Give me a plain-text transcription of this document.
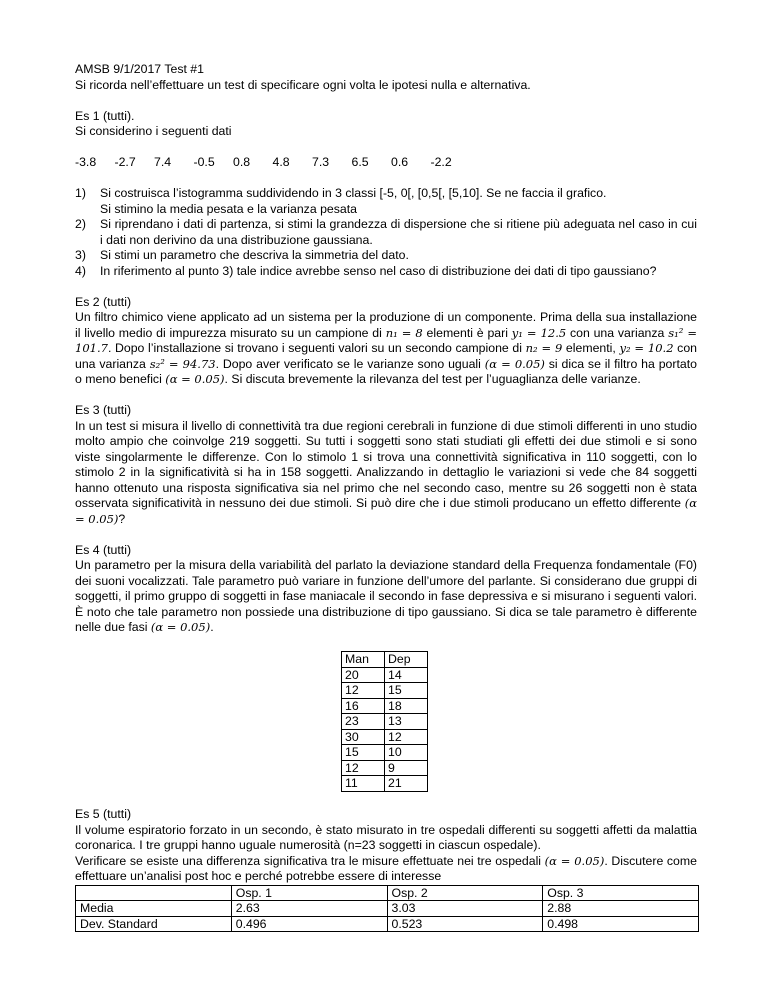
AMSB 9/1/2017 Test #1

Si ricorda nell’effettuare un test di specificare ogni volta le ipotesi nulla e alternativa.

Es 1 (tutti).

Si considerino i seguenti dati

-3.8	-2.7	7.4	-0.5	0.8	4.8	7.3	6.5	0.6	-2.2
1)	Si costruisca l’istogramma suddividendo in 3 classi [-5, 0[, [0,5[, [5,10]. Se ne faccia il grafico.
Si stimino la media pesata e la varianza pesata
2)	Si riprendano i dati di partenza, si stimi la grandezza di dispersione che si ritiene più adeguata nel caso in cui i dati non derivino da una distribuzione gaussiana.
3)	Si stimi un parametro che descriva la simmetria del dato.
4)	In riferimento al punto 3) tale indice avrebbe senso nel caso di distribuzione dei dati di tipo gaussiano?

Es 2 (tutti)

Un filtro chimico viene applicato ad un sistema per la produzione di un componente. Prima della sua installazione il livello medio di impurezza misurato su un campione di n₁ = 8 elementi è pari y₁ = 12.5 con una varianza s₁² = 101.7. Dopo l’installazione si trovano i seguenti valori su un secondo campione di n₂ = 9 elementi, y₂ = 10.2 con una varianza s₂² = 94.73. Dopo aver verificato se le varianze sono uguali (α = 0.05) si dica se il filtro ha portato o meno benefici (α = 0.05). Si discuta brevemente la rilevanza del test per l’uguaglianza delle varianze.

Es 3 (tutti)

In un test si misura il livello di connettività tra due regioni cerebrali in funzione di due stimoli differenti in uno studio molto ampio che coinvolge 219 soggetti. Su tutti i soggetti sono stati studiati gli effetti dei due stimoli e si sono viste singolarmente le differenze. Con lo stimolo 1 si trova una connettività significativa in 110 soggetti, con lo stimolo 2 in la significatività si ha in 158 soggetti. Analizzando in dettaglio le variazioni si vede che 84 soggetti hanno ottenuto una risposta significativa sia nel primo che nel secondo caso, mentre su 26 soggetti non è stata osservata significatività in nessuno dei due stimoli. Si può dire che i due stimoli producano un effetto differente (α = 0.05)?

Es 4 (tutti)

Un parametro per la misura della variabilità del parlato la deviazione standard della Frequenza fondamentale (F0) dei suoni vocalizzati. Tale parametro può variare in funzione dell’umore del parlante. Si considerano due gruppi di soggetti, il primo gruppo di soggetti in fase maniacale il secondo in fase depressiva e si misurano i seguenti valori. È noto che tale parametro non possiede una distribuzione di tipo gaussiano. Si dica se tale parametro è differente nelle due fasi (α = 0.05).

Man	Dep
20	14
12	15
16	18
23	13
30	12
15	10
12	9
11	21

Es 5 (tutti)

Il volume espiratorio forzato in un secondo, è stato misurato in tre ospedali differenti su soggetti affetti da malattia coronarica. I tre gruppi hanno uguale numerosità (n=23 soggetti in ciascun ospedale).

Verificare se esiste una differenza significativa tra le misure effettuate nei tre ospedali (α = 0.05). Discutere come effettuare un’analisi post hoc e perché potrebbe essere di interesse

	Osp. 1	Osp. 2	Osp. 3
Media	2.63	3.03	2.88
Dev. Standard	0.496	0.523	0.498
